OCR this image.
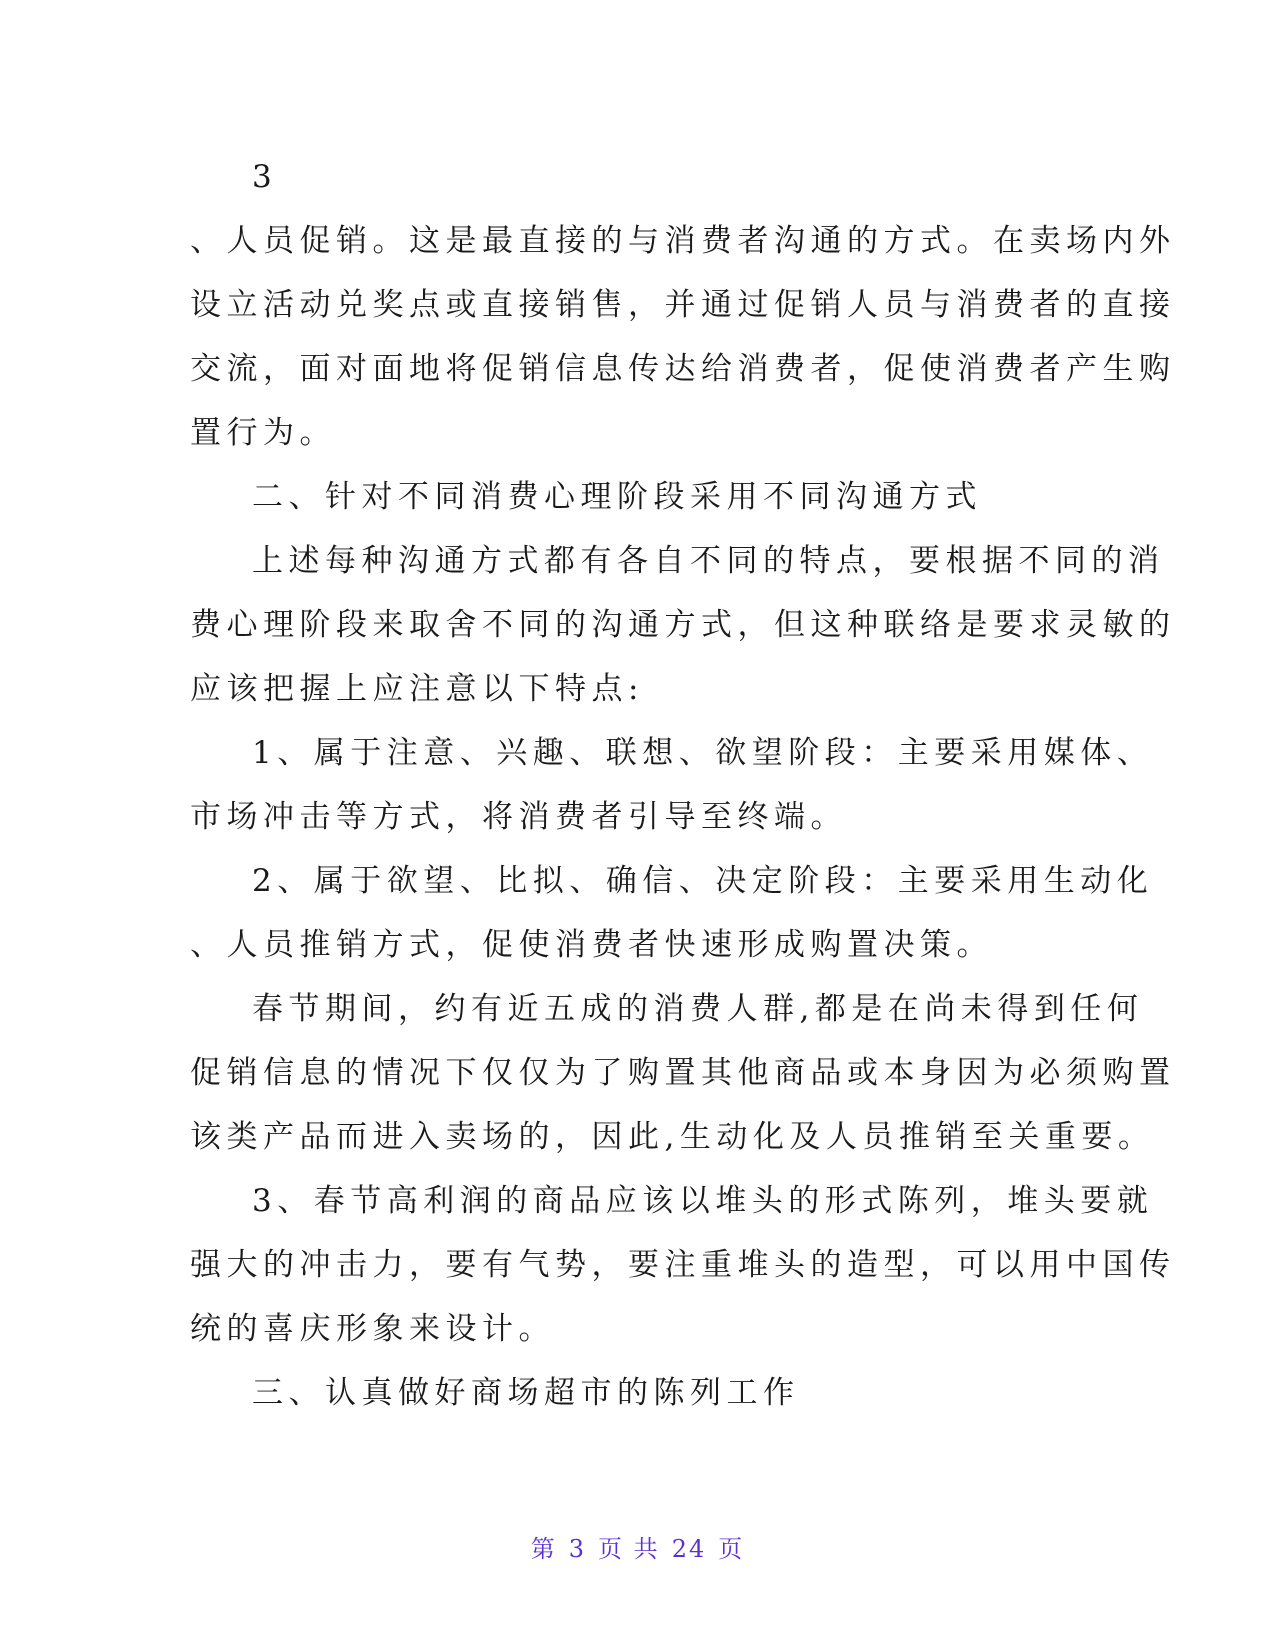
3
、人员促销。这是最直接的与消费者沟通的方式。在卖场内外
设立活动兑奖点或直接销售，并通过促销人员与消费者的直接
交流，面对面地将促销信息传达给消费者，促使消费者产生购
置行为。
二、针对不同消费心理阶段采用不同沟通方式
上述每种沟通方式都有各自不同的特点，要根据不同的消
费心理阶段来取舍不同的沟通方式，但这种联络是要求灵敏的
应该把握上应注意以下特点:
1、属于注意、兴趣、联想、欲望阶段：主要采用媒体、
市场冲击等方式，将消费者引导至终端。
2、属于欲望、比拟、确信、决定阶段：主要采用生动化
、人员推销方式，促使消费者快速形成购置决策。
春节期间，约有近五成的消费人群,都是在尚未得到任何
促销信息的情况下仅仅为了购置其他商品或本身因为必须购置
该类产品而进入卖场的，因此,生动化及人员推销至关重要。
3、春节高利润的商品应该以堆头的形式陈列，堆头要就
强大的冲击力，要有气势，要注重堆头的造型，可以用中国传
统的喜庆形象来设计。
三、认真做好商场超市的陈列工作
第 3 页 共 24 页
